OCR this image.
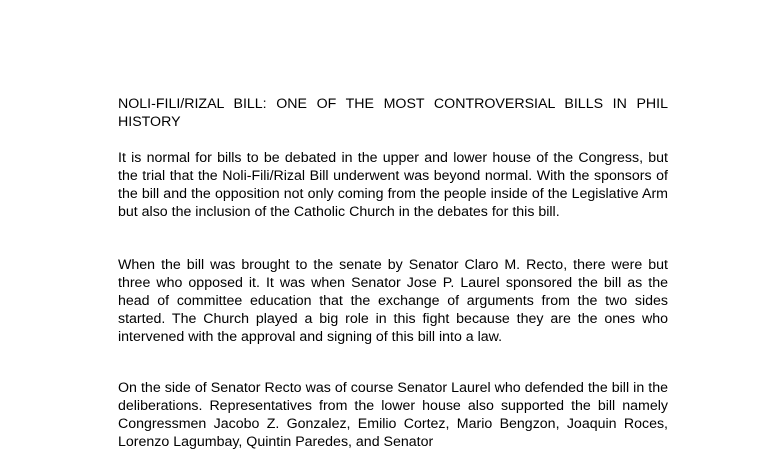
NOLI-FILI/RIZAL BILL: ONE OF THE MOST CONTROVERSIAL BILLS IN PHIL HISTORY
It is normal for bills to be debated in the upper and lower house of the Congress, but the trial that the Noli-Fili/Rizal Bill underwent was beyond normal. With the sponsors of the bill and the opposition not only coming from the people inside of the Legislative Arm but also the inclusion of the Catholic Church in the debates for this bill.
When the bill was brought to the senate by Senator Claro M. Recto, there were but three who opposed it. It was when Senator Jose P. Laurel sponsored the bill as the head of committee education that the exchange of arguments from the two sides started. The Church played a big role in this fight because they are the ones who intervened with the approval and signing of this bill into a law.
On the side of Senator Recto was of course Senator Laurel who defended the bill in the deliberations. Representatives from the lower house also supported the bill namely Congressmen Jacobo Z. Gonzalez, Emilio Cortez, Mario Bengzon, Joaquin Roces, Lorenzo Lagumbay, Quintin Paredes, and Senator
